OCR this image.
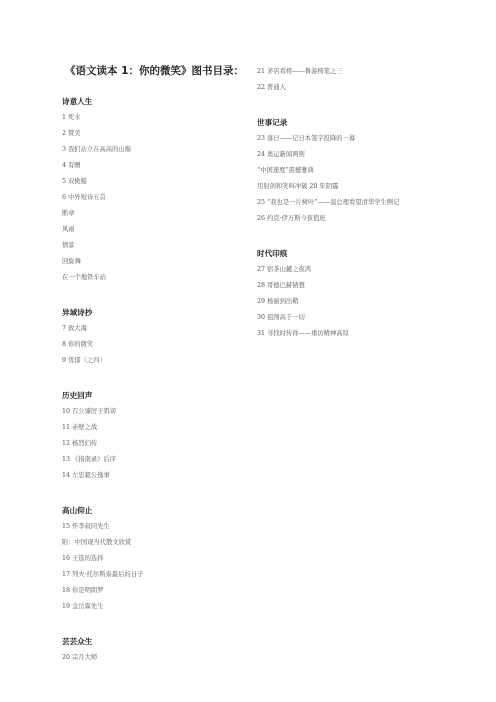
《语文读本 1：你的微笑》图书目录：
诗意人生
1 死水
2 赞美
3 我们站立在高高的山巅
4 有赠
5 双桅船
6 中外短诗五首
断章
风雨
情景
回旋舞
在一个地铁车站
异域诗抄
7 致大海
8 你的微笑
9 忧郁（之四）
历史回声
10 召公谏厉王弭谤
11 赤壁之战
12 杨烈妇传
13 《指南录》后序
14 左忠毅公逸事
高山仰止
15 怀李叔同先生
附：中国现当代散文欣赏
16 王选的选择
17 列夫·托尔斯泰最后的日子
18 你是明朗罗
19 金岳霖先生
芸芸众生
20 宗月大师
21 茅店看樗——鲁游樗笔之三
22 普通人
世事记录
23 落日——记日本签字投降的一幕
24 奥运新闻两则
“中国速度”震撼雅典
用射剑和笑叫冲破 20 年阴霾
25 “我也是一片树叶”——温总理看望清华学生侧记
26 约克·伊万斯今夜值班
时代印痕
27 宿茶山麓之夜鸿
28 哥德巴赫猜想
29 杨丽到出鞘
30 祖国高于一切
31 寻找时传祥——重访精神高原
